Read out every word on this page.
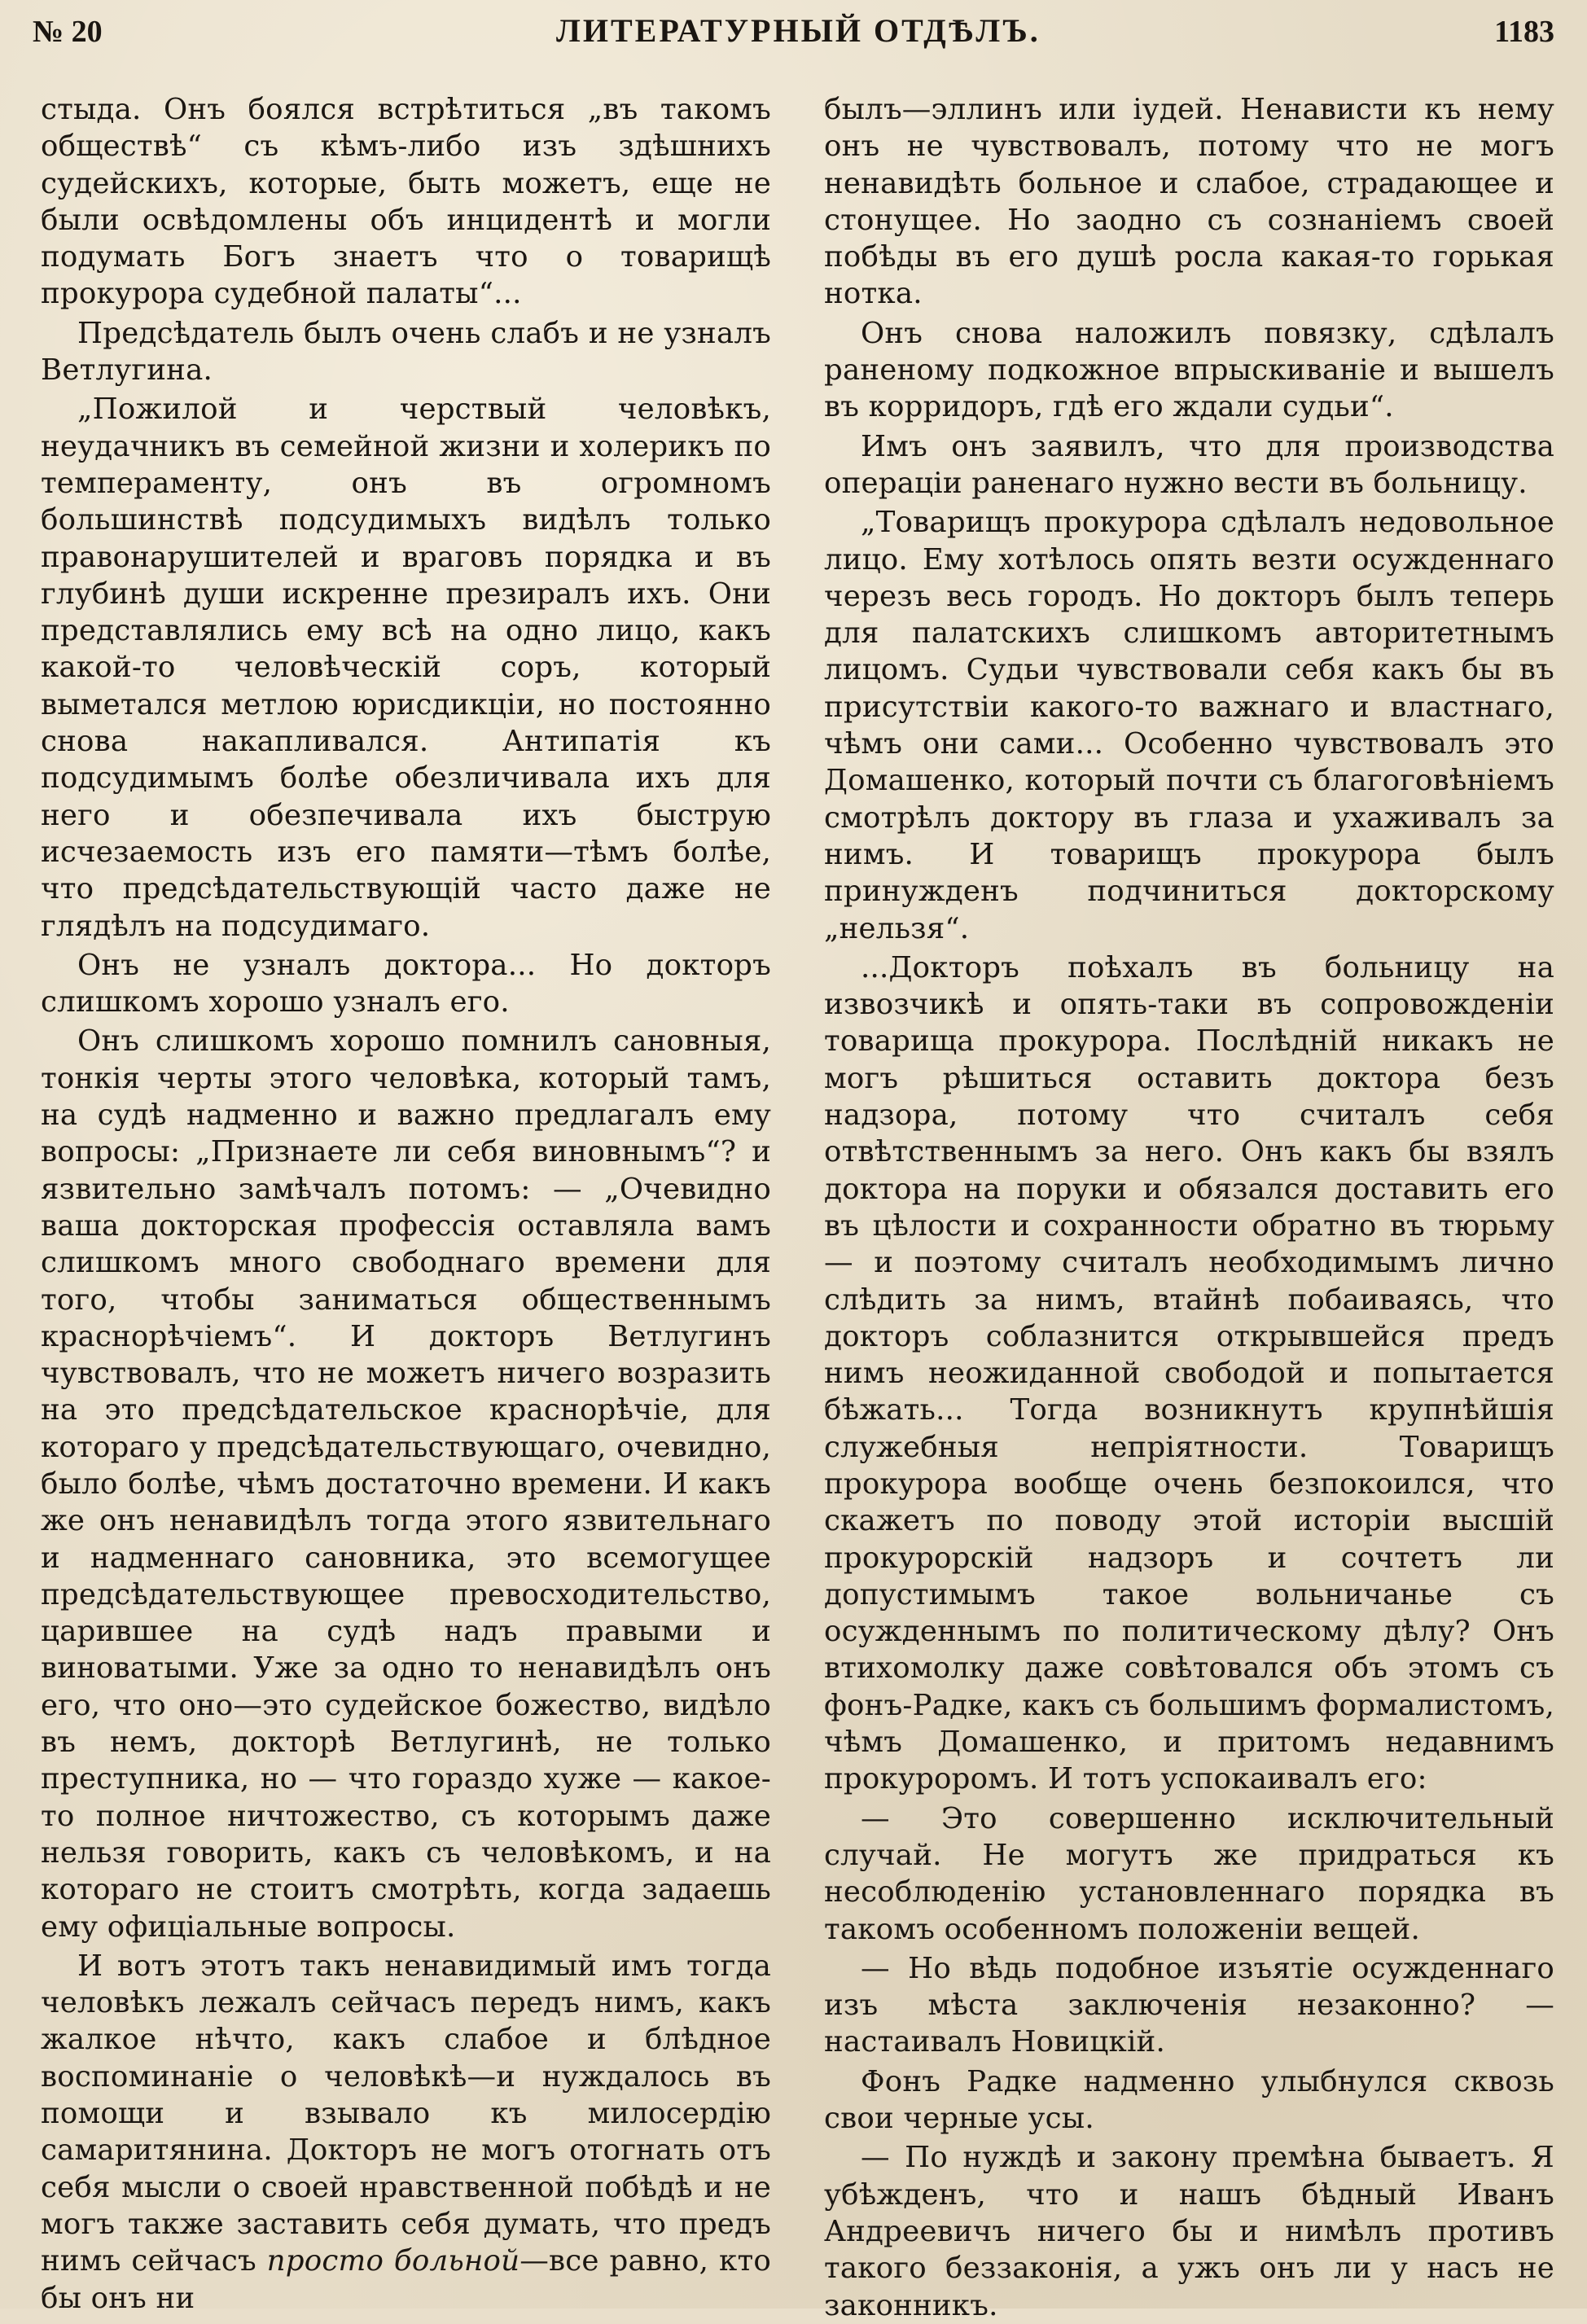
№ 20	ЛИТЕРАТУРНЫЙ ОТДѢЛЪ.	1183

стыда. Онъ боялся встрѣтиться „въ такомъ обществѣ“ съ кѣмъ-либо изъ здѣшнихъ судейскихъ, которые, быть можетъ, еще не были освѣдомлены объ инцидентѣ и могли подумать Богъ знаетъ что о товарищѣ прокурора судебной палаты“...

Предсѣдатель былъ очень слабъ и не узналъ Ветлугина.

„Пожилой и черствый человѣкъ, неудачникъ въ семейной жизни и холерикъ по темпераменту, онъ въ огромномъ большинствѣ подсудимыхъ видѣлъ только правонарушителей и враговъ порядка и въ глубинѣ души искренне презиралъ ихъ. Они представлялись ему всѣ на одно лицо, какъ какой-то человѣческій соръ, который выметался метлою юрисдикціи, но постоянно снова накапливался. Антипатія къ подсудимымъ болѣе обезличивала ихъ для него и обезпечивала ихъ быструю исчезаемость изъ его памяти—тѣмъ болѣе, что предсѣдательствующій часто даже не глядѣлъ на подсудимаго.

Онъ не узналъ доктора... Но докторъ слишкомъ хорошо узналъ его.

Онъ слишкомъ хорошо помнилъ сановныя, тонкія черты этого человѣка, который тамъ, на судѣ надменно и важно предлагалъ ему вопросы: „Признаете ли себя виновнымъ“? и язвительно замѣчалъ потомъ: — „Очевидно ваша докторская профессія оставляла вамъ слишкомъ много свободнаго времени для того, чтобы заниматься общественнымъ краснорѣчіемъ“. И докторъ Ветлугинъ чувствовалъ, что не можетъ ничего возразить на это предсѣдательское краснорѣчіе, для котораго у предсѣдательствующаго, очевидно, было болѣе, чѣмъ достаточно времени. И какъ же онъ ненавидѣлъ тогда этого язвительнаго и надменнаго сановника, это всемогущее предсѣдательствующее превосходительство, царившее на судѣ надъ правыми и виноватыми. Уже за одно то ненавидѣлъ онъ его, что оно—это судейское божество, видѣло въ немъ, докторѣ Ветлугинѣ, не только преступника, но — что гораздо хуже — какое-то полное ничтожество, съ которымъ даже нельзя говорить, какъ съ человѣкомъ, и на котораго не стоитъ смотрѣть, когда задаешь ему офиціальные вопросы.

И вотъ этотъ такъ ненавидимый имъ тогда человѣкъ лежалъ сейчасъ передъ нимъ, какъ жалкое нѣчто, какъ слабое и блѣдное воспоминаніе о человѣкѣ—и нуждалось въ помощи и взывало къ милосердію самаритянина. Докторъ не могъ отогнать отъ себя мысли о своей нравственной побѣдѣ и не могъ также заставить себя думать, что предъ нимъ сейчасъ просто больной—все равно, кто бы онъ ни

былъ—эллинъ или іудей. Ненависти къ нему онъ не чувствовалъ, потому что не могъ ненавидѣть больное и слабое, страдающее и стонущее. Но заодно съ сознаніемъ своей побѣды въ его душѣ росла какая-то горькая нотка.

Онъ снова наложилъ повязку, сдѣлалъ раненому подкожное впрыскиваніе и вышелъ въ корридоръ, гдѣ его ждали судьи“.

Имъ онъ заявилъ, что для производства операціи раненаго нужно вести въ больницу.

„Товарищъ прокурора сдѣлалъ недовольное лицо. Ему хотѣлось опять везти осужденнаго черезъ весь городъ. Но докторъ былъ теперь для палатскихъ слишкомъ авторитетнымъ лицомъ. Судьи чувствовали себя какъ бы въ присутствіи какого-то важнаго и властнаго, чѣмъ они сами... Особенно чувствовалъ это Домашенко, который почти съ благоговѣніемъ смотрѣлъ доктору въ глаза и ухаживалъ за нимъ. И товарищъ прокурора былъ принужденъ подчиниться докторскому „нельзя“.

...Докторъ поѣхалъ въ больницу на извозчикѣ и опять-таки въ сопровожденіи товарища прокурора. Послѣдній никакъ не могъ рѣшиться оставить доктора безъ надзора, потому что считалъ себя отвѣтственнымъ за него. Онъ какъ бы взялъ доктора на поруки и обязался доставить его въ цѣлости и сохранности обратно въ тюрьму — и поэтому считалъ необходимымъ лично слѣдить за нимъ, втайнѣ побаиваясь, что докторъ соблазнится открывшейся предъ нимъ неожиданной свободой и попытается бѣжать... Тогда возникнутъ крупнѣйшія служебныя непріятности. Товарищъ прокурора вообще очень безпокоился, что скажетъ по поводу этой исторіи высшій прокурорскій надзоръ и сочтетъ ли допустимымъ такое вольничанье съ осужденнымъ по политическому дѣлу? Онъ втихомолку даже совѣтовался объ этомъ съ фонъ-Радке, какъ съ большимъ формалистомъ, чѣмъ Домашенко, и притомъ недавнимъ прокуроромъ. И тотъ успокаивалъ его:

— Это совершенно исключительный случай. Не могутъ же придраться къ несоблюденію установленнаго порядка въ такомъ особенномъ положеніи вещей.

— Но вѣдь подобное изъятіе осужденнаго изъ мѣста заключенія незаконно? — настаивалъ Новицкій.

Фонъ Радке надменно улыбнулся сквозь свои черные усы.

— По нуждѣ и закону премѣна бываетъ. Я убѣжденъ, что и нашъ бѣдный Иванъ Андреевичъ ничего бы и нимѣлъ противъ такого беззаконія, а ужъ онъ ли у насъ не законникъ.
